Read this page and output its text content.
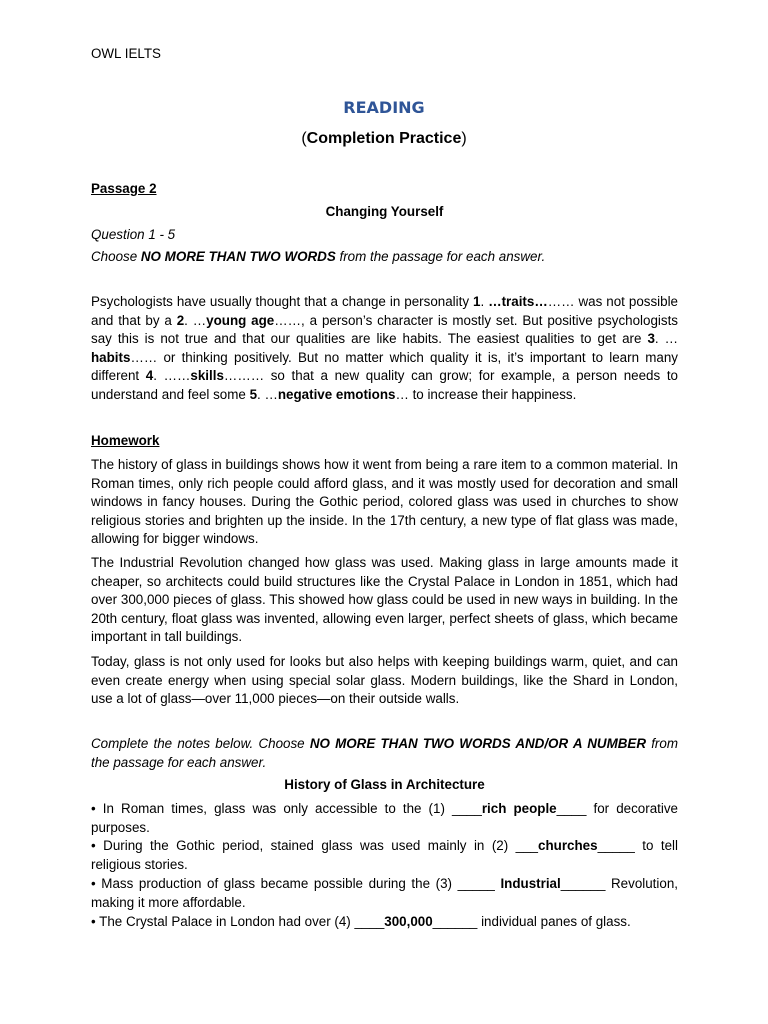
OWL IELTS
READING
(Completion Practice)
Passage 2
Changing Yourself
Question 1 - 5
Choose NO MORE THAN TWO WORDS from the passage for each answer.

Psychologists have usually thought that a change in personality 1. …traits……… was not possible and that by a 2. …young age……, a person’s character is mostly set. But positive psychologists say this is not true and that our qualities are like habits. The easiest qualities to get are 3. …habits…… or thinking positively. But no matter which quality it is, it’s important to learn many different 4. ……skills……… so that a new quality can grow; for example, a person needs to understand and feel some 5. …negative emotions… to increase their happiness.

Homework

The history of glass in buildings shows how it went from being a rare item to a common material. In Roman times, only rich people could afford glass, and it was mostly used for decoration and small windows in fancy houses. During the Gothic period, colored glass was used in churches to show religious stories and brighten up the inside. In the 17th century, a new type of flat glass was made, allowing for bigger windows.

The Industrial Revolution changed how glass was used. Making glass in large amounts made it cheaper, so architects could build structures like the Crystal Palace in London in 1851, which had over 300,000 pieces of glass. This showed how glass could be used in new ways in building. In the 20th century, float glass was invented, allowing even larger, perfect sheets of glass, which became important in tall buildings.

Today, glass is not only used for looks but also helps with keeping buildings warm, quiet, and can even create energy when using special solar glass. Modern buildings, like the Shard in London, use a lot of glass—over 11,000 pieces—on their outside walls.

Complete the notes below. Choose NO MORE THAN TWO WORDS AND/OR A NUMBER from the passage for each answer.

History of Glass in Architecture

• In Roman times, glass was only accessible to the (1) ____rich people____ for decorative purposes.

• During the Gothic period, stained glass was used mainly in (2) ___churches_____ to tell religious stories.

• Mass production of glass became possible during the (3) _____ Industrial______ Revolution, making it more affordable.

• The Crystal Palace in London had over (4) ____300,000______ individual panes of glass.
